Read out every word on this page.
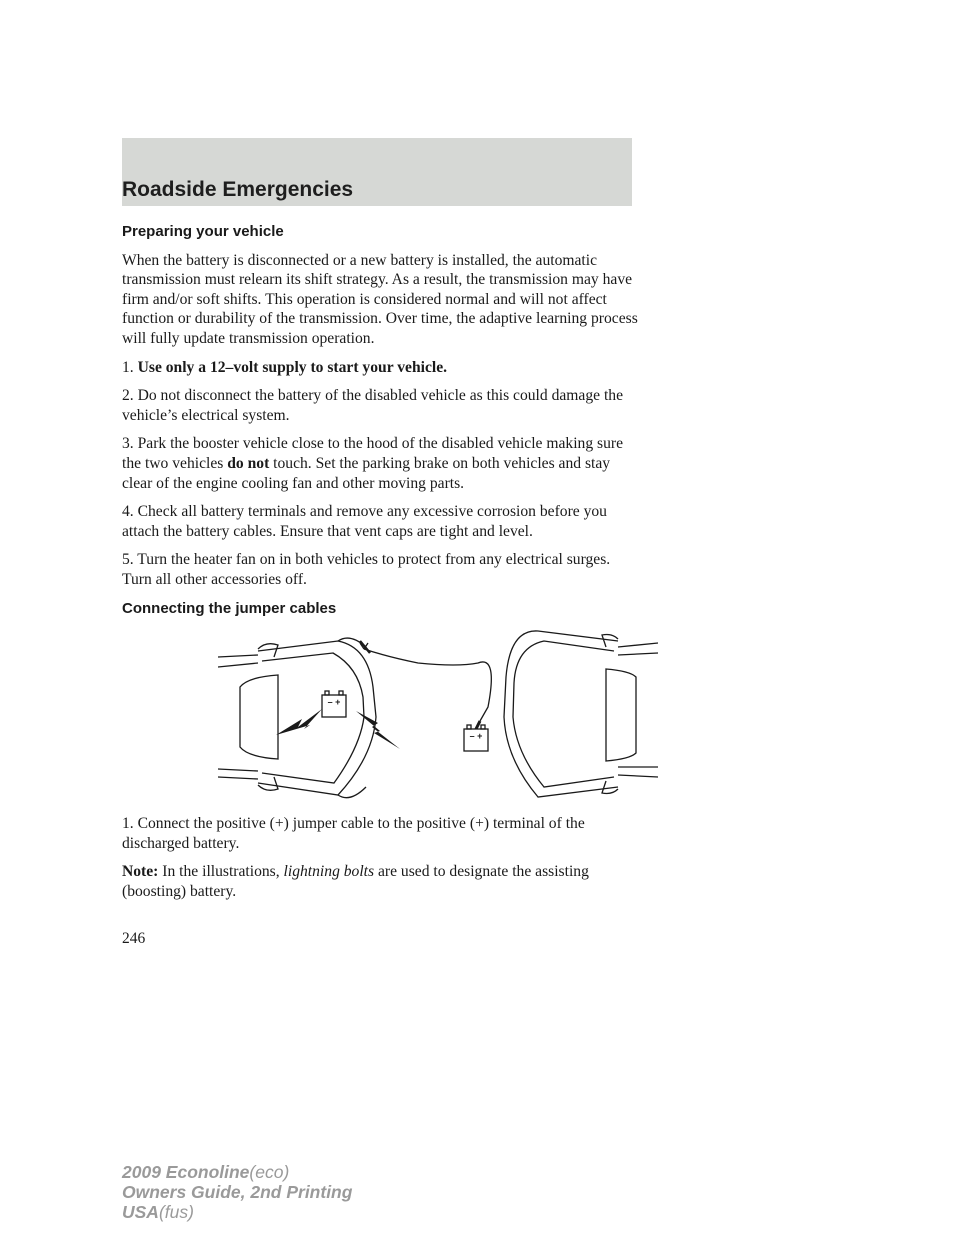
Roadside Emergencies
Preparing your vehicle

When the battery is disconnected or a new battery is installed, the automatic transmission must relearn its shift strategy. As a result, the transmission may have firm and/or soft shifts. This operation is considered normal and will not affect function or durability of the transmission. Over time, the adaptive learning process will fully update transmission operation.

1. Use only a 12–volt supply to start your vehicle.

2. Do not disconnect the battery of the disabled vehicle as this could damage the vehicle’s electrical system.

3. Park the booster vehicle close to the hood of the disabled vehicle making sure the two vehicles do not touch. Set the parking brake on both vehicles and stay clear of the engine cooling fan and other moving parts.

4. Check all battery terminals and remove any excessive corrosion before you attach the battery cables. Ensure that vent caps are tight and level.

5. Turn the heater fan on in both vehicles to protect from any electrical surges. Turn all other accessories off.

Connecting the jumper cables
– +
– +

1. Connect the positive (+) jumper cable to the positive (+) terminal of the discharged battery.

Note: In the illustrations, lightning bolts are used to designate the assisting (boosting) battery.

246
2009 Econoline(eco)
Owners Guide, 2nd Printing
USA(fus)
